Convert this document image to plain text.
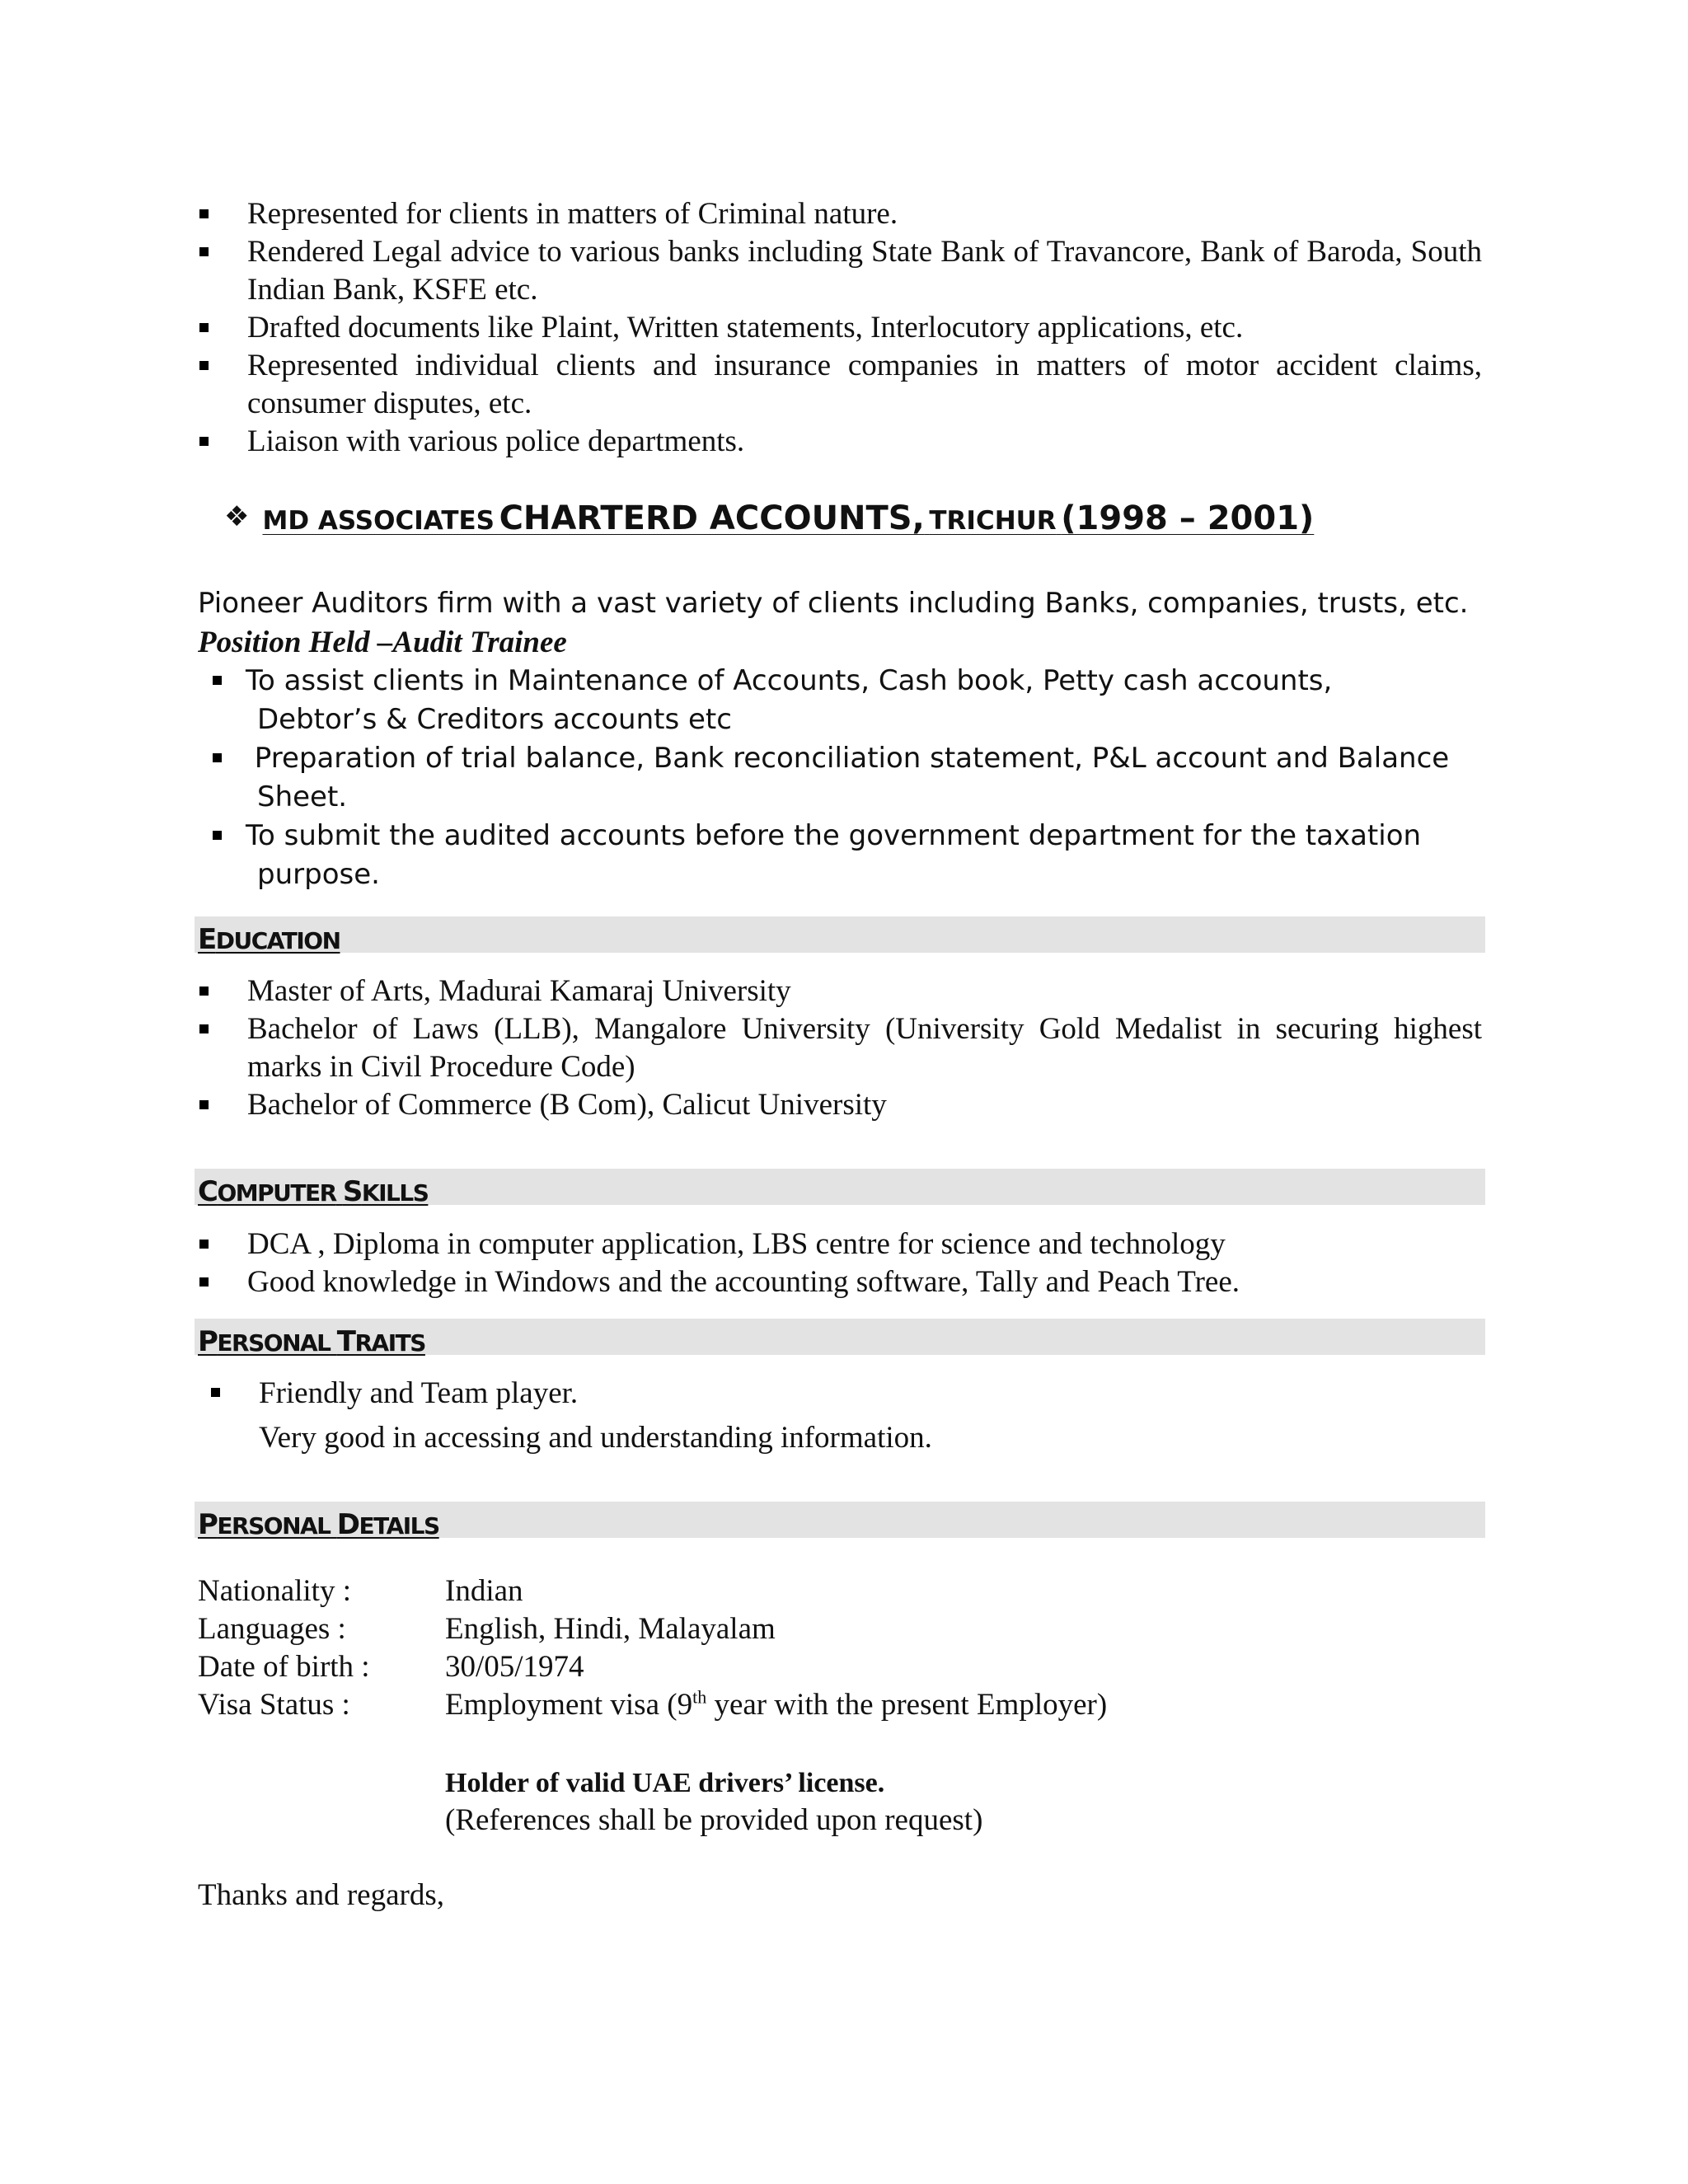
Represented for clients in matters of Criminal nature.
Rendered Legal advice to various banks including State Bank of Travancore, Bank of Baroda, South Indian Bank, KSFE etc.
Drafted documents like Plaint, Written statements, Interlocutory applications, etc.
Represented individual clients and insurance companies in matters of motor accident claims, consumer disputes, etc.
Liaison with various police departments.
❖ MD ASSOCIATES CHARTERD ACCOUNTS, TRICHUR (1998 – 2001)
Pioneer Auditors firm with a vast variety of clients including Banks, companies, trusts, etc.
Position Held –Audit Trainee
To assist clients in Maintenance of Accounts, Cash book, Petty cash accounts,
Debtor’s & Creditors accounts etc
Preparation of trial balance, Bank reconciliation statement, P&L account and Balance
Sheet.
To submit the audited accounts before the government department for the taxation
purpose.
EDUCATION
Master of Arts, Madurai Kamaraj University
Bachelor of Laws (LLB), Mangalore University (University Gold Medalist in securing highest marks in Civil Procedure Code)
Bachelor of Commerce (B Com), Calicut University
COMPUTER SKILLS
DCA , Diploma in computer application, LBS centre for science and technology
Good knowledge in Windows and the accounting software, Tally and Peach Tree.
PERSONAL TRAITS
Friendly and Team player.
Very good in accessing and understanding information.
PERSONAL DETAILS
Nationality :	Indian
Languages :	English, Hindi, Malayalam
Date of birth :	30/05/1974
Visa Status :	Employment visa (9th year with the present Employer)
Holder of valid UAE drivers’ license.
(References shall be provided upon request)
Thanks and regards,
